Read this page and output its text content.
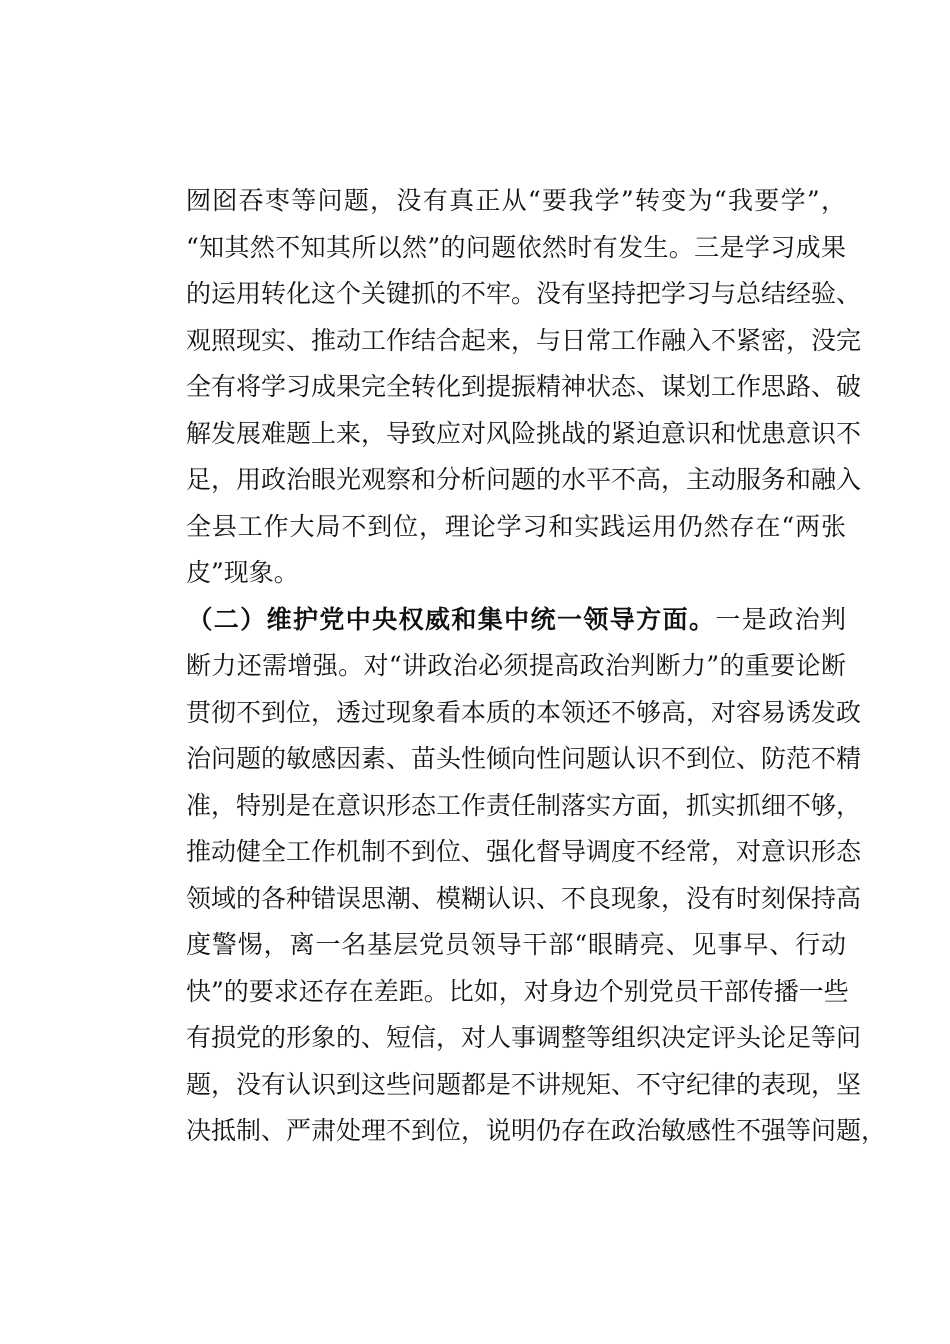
囫囵吞枣等问题，没有真正从“要我学”转变为“我要学”，
“知其然不知其所以然”的问题依然时有发生。三是学习成果
的运用转化这个关键抓的不牢。没有坚持把学习与总结经验、
观照现实、推动工作结合起来，与日常工作融入不紧密，没完
全有将学习成果完全转化到提振精神状态、谋划工作思路、破
解发展难题上来，导致应对风险挑战的紧迫意识和忧患意识不
足，用政治眼光观察和分析问题的水平不高，主动服务和融入
全县工作大局不到位，理论学习和实践运用仍然存在“两张
皮”现象。
（二）维护党中央权威和集中统一领导方面。一是政治判
断力还需增强。对“讲政治必须提高政治判断力”的重要论断
贯彻不到位，透过现象看本质的本领还不够高，对容易诱发政
治问题的敏感因素、苗头性倾向性问题认识不到位、防范不精
准，特别是在意识形态工作责任制落实方面，抓实抓细不够，
推动健全工作机制不到位、强化督导调度不经常，对意识形态
领域的各种错误思潮、模糊认识、不良现象，没有时刻保持高
度警惕，离一名基层党员领导干部“眼睛亮、见事早、行动
快”的要求还存在差距。比如，对身边个别党员干部传播一些
有损党的形象的、短信，对人事调整等组织决定评头论足等问
题，没有认识到这些问题都是不讲规矩、不守纪律的表现，坚
决抵制、严肃处理不到位，说明仍存在政治敏感性不强等问题，
